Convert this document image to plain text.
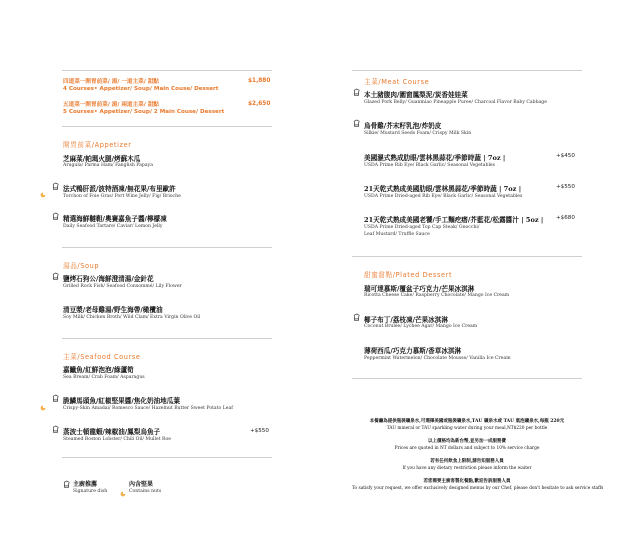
四道菜一開胃前菜/ 湯/ 一道主菜/ 甜點
4 Courses• Appetizer/ Soup/ Main Couse/ Dessert
$1,880
五道菜一開胃前菜/ 湯/ 兩道主菜/ 甜點
5 Courses• Appetizer/ Soup/ 2 Main Couse/ Dessert
$2,650
開胃前菜/Appetizer
芝麻菜/帕瑪火腿/烤蘇木瓜
Arugula/ Parma Ham/ Fanglish Papaya
法式鴨肝派/波特酒凍/無花果/布里歐許
Torchon of Foie Gras/ Port Wine Jelly/ Fig/ Brioche
精選海鮮韃靼/奧賽嘉魚子醬/檸檬凍
Daily Seafood Tartare/ Caviar/ Lemon Jelly
湯品/Soup
鹽烤石狗公/海鮮澄清湯/金針花
Grilled Rock Fish/ Seafood Consommé/ Lily Flower
清豆漿/老母雞湯/野生海帶/橄欖油
Soy Milk/ Chicken Broth/ Wild Clam/ Extra Virgin Olive Oil
主菜/Seafood Course
嘉鱲魚/紅鮮泡泡/綠蘆筍
Sea Bream/ Crab Foam/ Asparagus
脆鱗馬頭魚/紅椒堅果醬/焦化奶油地瓜葉
Crispy-Skin Amadai/ Romesco Sauce/ Hazelnut Butter Sweet Potato Leaf
蒸波士頓龍蝦/辣椒油/鳳梨烏魚子
Steamed Boston Lobster/ Chili Oil/ Mullet Roe
+$550
主廚推薦
Signature dish
內含堅果
Contains nuts
主菜/Meat Course
本土豬腹肉/圍窗鳳梨泥/炭香娃娃菜
Glazed Pork Belly/ Guanmiao Pineapple Puree/ Charcoal Flavor Baby Cabbage
烏骨雞/芥末籽乳泡/炸奶皮
Silkie/ Mustard Seeds Foam/ Crispy Milk Skin
美國濕式熟成肋眼/雲林黑蒜花/季節時蔬 | 7oz |
USDA Prime Rib Eye/ Black Garlic/ Seasonal Vegetables
+$450
21天乾式熟成美國肋眼/雲林黑蒜花/季節時蔬 | 7oz |
USDA Prime Dried-aged Rib Eye/ Black Garlic/ Seasonal Vegetables
+$550
21天乾式熟成美國老饕/手工麵疙瘩/芥藍花/松露醬汁 | 5oz |
USDA Prime Dried-aged Top Cap Steak/ Gnocchi/
Leaf Mustard/ Truffle Sauce
+$680
甜蜜甜點/Plated Dessert
瑞可達慕斯/覆盆子巧克力/芒果冰淇淋
Ricotta Cheese Cake/ Raspberry Chocolate/ Mango Ice Cream
椰子布丁/荔枝凍/芒果冰淇淋
Coconut Brulée/ Lychee Agar/ Mango Ice Cream
薄荷西瓜/巧克力慕斯/香草冰淇淋
Peppermint Watermelon/ Chocolate Mousse/ Vanilla Ice Cream
本餐廳為提供瓶裝礦泉水,可選擇美國或瓶裝礦泉水,TAU 礦泉水或 TAU 氣泡礦泉水,每瓶 220元
TAU mineral or TAU sparkling water during your meal,NT$220 per bottle
以上價格均為新台幣,並另加一成服務費
Prices are quoted in NT dollars and subject to 10% service charge
若有任何飲食上限制,請告知服務人員
If you have any dietary restriction please inform the waiter
若您需要主廚客製化餐點,歡迎告訴服務人員
To satisfy your request, we offer exclusively designed menus by our Chef, please don't hesitate to ask service staffs
